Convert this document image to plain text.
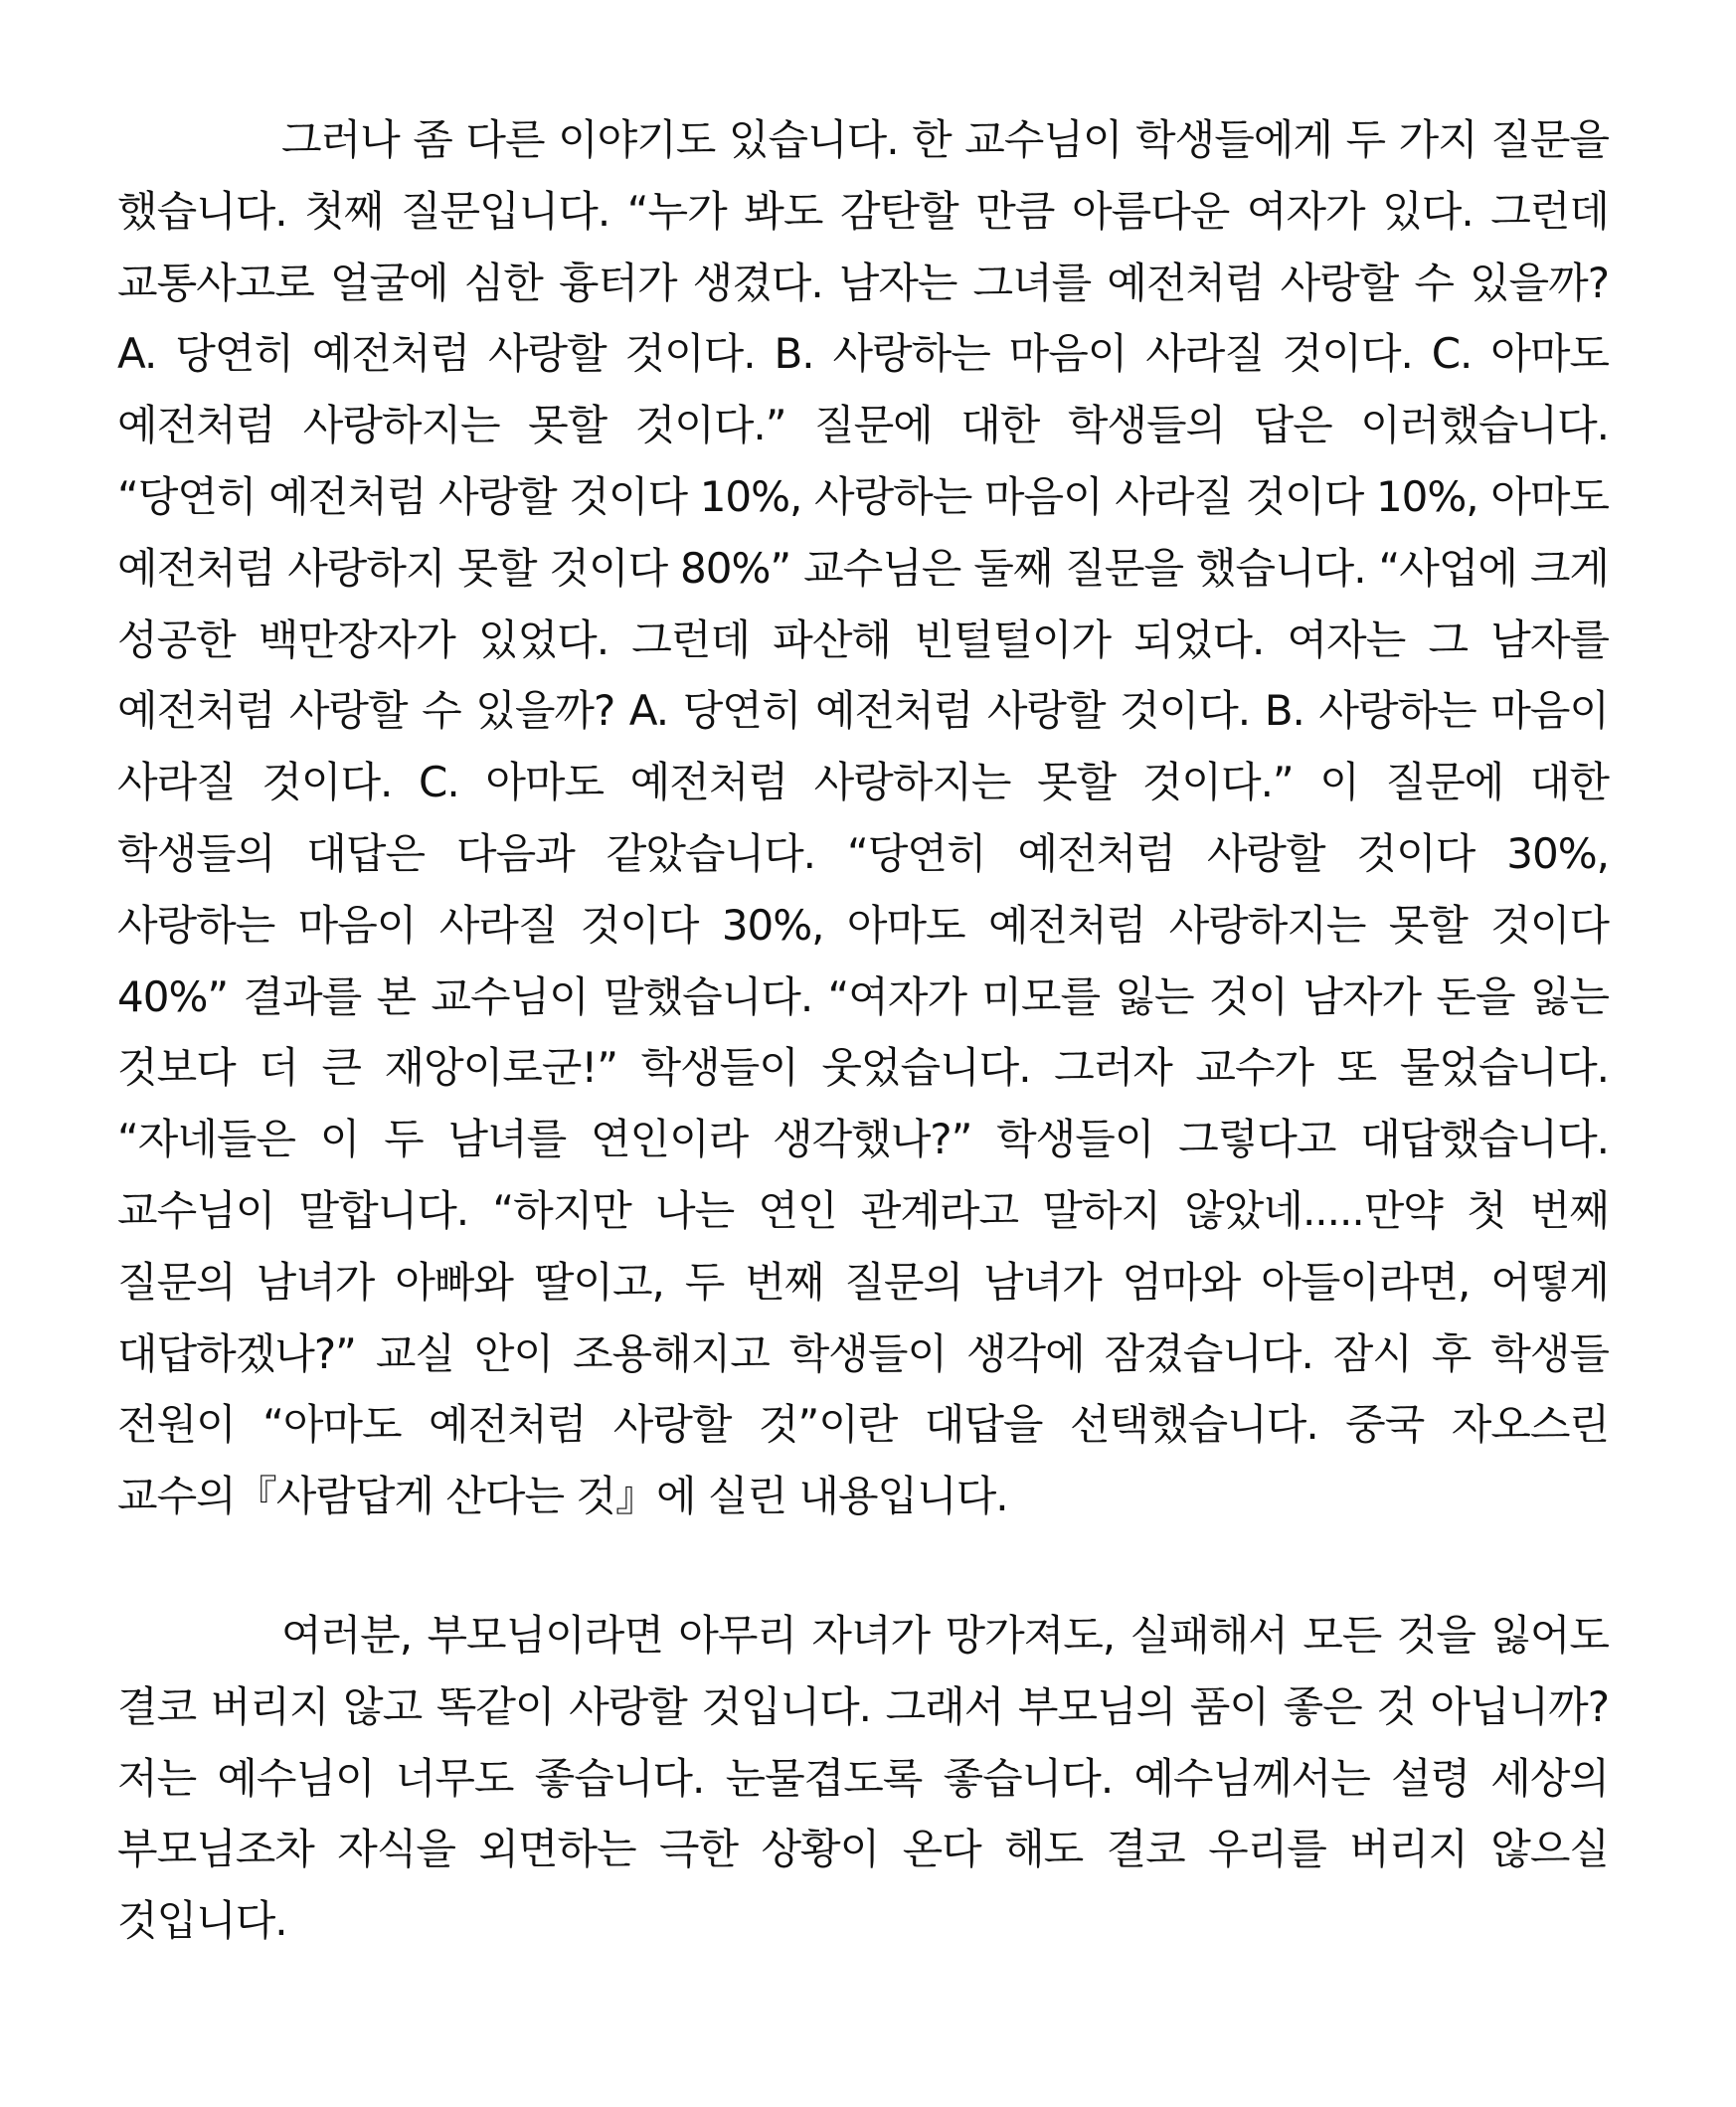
그러나 좀 다른 이야기도 있습니다. 한 교수님이 학생들에게 두 가지 질문을 했습니다. 첫째 질문입니다. “누가 봐도 감탄할 만큼 아름다운 여자가 있다. 그런데 교통사고로 얼굴에 심한 흉터가 생겼다. 남자는 그녀를 예전처럼 사랑할 수 있을까? A. 당연히 예전처럼 사랑할 것이다. B. 사랑하는 마음이 사라질 것이다. C. 아마도 예전처럼 사랑하지는 못할 것이다.” 질문에 대한 학생들의 답은 이러했습니다. “당연히 예전처럼 사랑할 것이다 10%, 사랑하는 마음이 사라질 것이다 10%, 아마도 예전처럼 사랑하지 못할 것이다 80%” 교수님은 둘째 질문을 했습니다. “사업에 크게 성공한 백만장자가 있었다. 그런데 파산해 빈털털이가 되었다. 여자는 그 남자를 예전처럼 사랑할 수 있을까? A. 당연히 예전처럼 사랑할 것이다. B. 사랑하는 마음이 사라질 것이다. C. 아마도 예전처럼 사랑하지는 못할 것이다.” 이 질문에 대한 학생들의 대답은 다음과 같았습니다. “당연히 예전처럼 사랑할 것이다 30%, 사랑하는 마음이 사라질 것이다 30%, 아마도 예전처럼 사랑하지는 못할 것이다 40%” 결과를 본 교수님이 말했습니다. “여자가 미모를 잃는 것이 남자가 돈을 잃는 것보다 더 큰 재앙이로군!” 학생들이 웃었습니다. 그러자 교수가 또 물었습니다. “자네들은 이 두 남녀를 연인이라 생각했나?” 학생들이 그렇다고 대답했습니다. 교수님이 말합니다. “하지만 나는 연인 관계라고 말하지 않았네.....만약 첫 번째 질문의 남녀가 아빠와 딸이고, 두 번째 질문의 남녀가 엄마와 아들이라면, 어떻게 대답하겠나?” 교실 안이 조용해지고 학생들이 생각에 잠겼습니다. 잠시 후 학생들 전원이 “아마도 예전처럼 사랑할 것”이란 대답을 선택했습니다. 중국 자오스린 교수의『사람답게 산다는 것』에 실린 내용입니다.

여러분, 부모님이라면 아무리 자녀가 망가져도, 실패해서 모든 것을 잃어도 결코 버리지 않고 똑같이 사랑할 것입니다. 그래서 부모님의 품이 좋은 것 아닙니까? 저는 예수님이 너무도 좋습니다. 눈물겹도록 좋습니다. 예수님께서는 설령 세상의 부모님조차 자식을 외면하는 극한 상황이 온다 해도 결코 우리를 버리지 않으실 것입니다.
